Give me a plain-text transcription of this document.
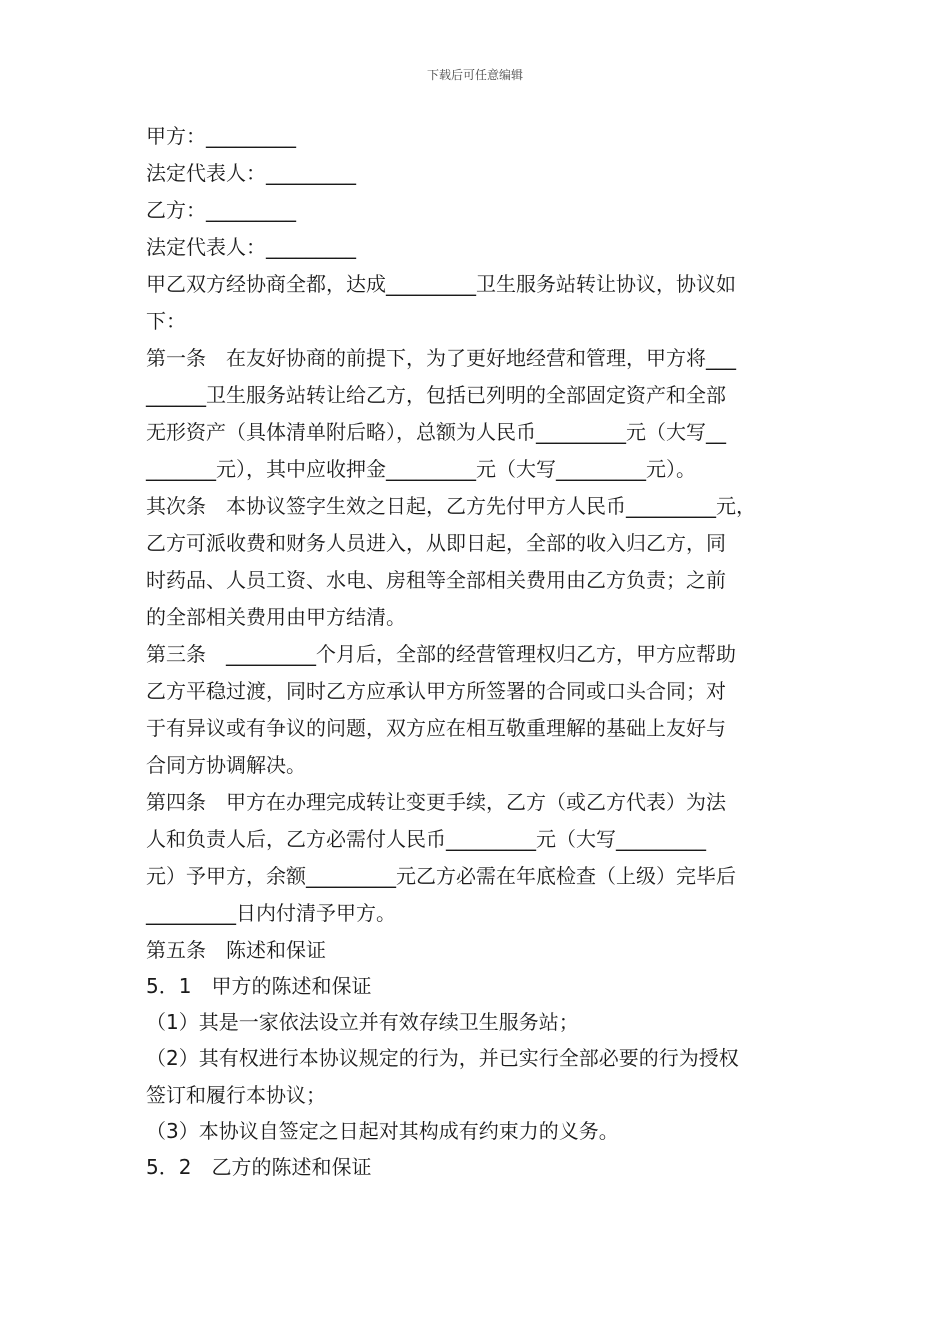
下载后可任意编辑
甲方：_________
法定代表人：_________
乙方：_________
法定代表人：_________
甲乙双方经协商全都，达成_________卫生服务站转让协议，协议如
下：
第一条　在友好协商的前提下，为了更好地经营和管理，甲方将___
______卫生服务站转让给乙方，包括已列明的全部固定资产和全部
无形资产（具体清单附后略），总额为人民币_________元（大写__
_______元），其中应收押金_________元（大写_________元）。
其次条　本协议签字生效之日起，乙方先付甲方人民币_________元，
乙方可派收费和财务人员进入，从即日起，全部的收入归乙方，同
时药品、人员工资、水电、房租等全部相关费用由乙方负责；之前
的全部相关费用由甲方结清。
第三条　_________个月后，全部的经营管理权归乙方，甲方应帮助
乙方平稳过渡，同时乙方应承认甲方所签署的合同或口头合同；对
于有异议或有争议的问题，双方应在相互敬重理解的基础上友好与
合同方协调解决。
第四条　甲方在办理完成转让变更手续，乙方（或乙方代表）为法
人和负责人后，乙方必需付人民币_________元（大写_________
元）予甲方，余额_________元乙方必需在年底检查（上级）完毕后
_________日内付清予甲方。
第五条　陈述和保证
5．1　甲方的陈述和保证
（1）其是一家依法设立并有效存续卫生服务站；
（2）其有权进行本协议规定的行为，并已实行全部必要的行为授权
签订和履行本协议；
（3）本协议自签定之日起对其构成有约束力的义务。
5．2　乙方的陈述和保证
